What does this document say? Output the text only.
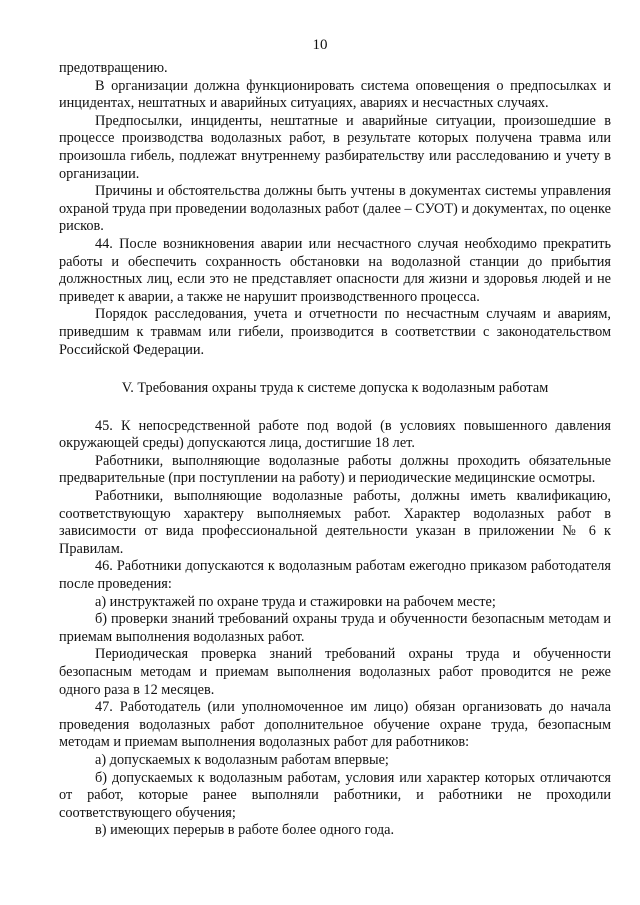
10

предотвращению.

В организации должна функционировать система оповещения о предпосылках и инцидентах, нештатных и аварийных ситуациях, авариях и несчастных случаях.

Предпосылки, инциденты, нештатные и аварийные ситуации, произошедшие в процессе производства водолазных работ, в результате которых получена травма или произошла гибель, подлежат внутреннему разбирательству или расследованию и учету в организации.

Причины и обстоятельства должны быть учтены в документах системы управления охраной труда при проведении водолазных работ (далее – СУОТ) и документах, по оценке рисков.

44. После возникновения аварии или несчастного случая необходимо прекратить работы и обеспечить сохранность обстановки на водолазной станции до прибытия должностных лиц, если это не представляет опасности для жизни и здоровья людей и не приведет к аварии, а также не нарушит производственного процесса.

Порядок расследования, учета и отчетности по несчастным случаям и авариям, приведшим к травмам или гибели, производится в соответствии с законодательством Российской Федерации.

V. Требования охраны труда к системе допуска к водолазным работам

45. К непосредственной работе под водой (в условиях повышенного давления окружающей среды) допускаются лица, достигшие 18 лет.

Работники, выполняющие водолазные работы должны проходить обязательные предварительные (при поступлении на работу) и периодические медицинские осмотры.

Работники, выполняющие водолазные работы, должны иметь квалификацию, соответствующую характеру выполняемых работ. Характер водолазных работ в зависимости от вида профессиональной деятельности указан в приложении № 6 к Правилам.

46. Работники допускаются к водолазным работам ежегодно приказом работодателя после проведения:

а) инструктажей по охране труда и стажировки на рабочем месте;

б) проверки знаний требований охраны труда и обученности безопасным методам и приемам выполнения водолазных работ.

Периодическая проверка знаний требований охраны труда и обученности безопасным методам и приемам выполнения водолазных работ проводится не реже одного раза в 12 месяцев.

47. Работодатель (или уполномоченное им лицо) обязан организовать до начала проведения водолазных работ дополнительное обучение охране труда, безопасным методам и приемам выполнения водолазных работ для работников:

а) допускаемых к водолазным работам впервые;

б) допускаемых к водолазным работам, условия или характер которых отличаются от работ, которые ранее выполняли работники, и работники не проходили соответствующего обучения;

в) имеющих перерыв в работе более одного года.
